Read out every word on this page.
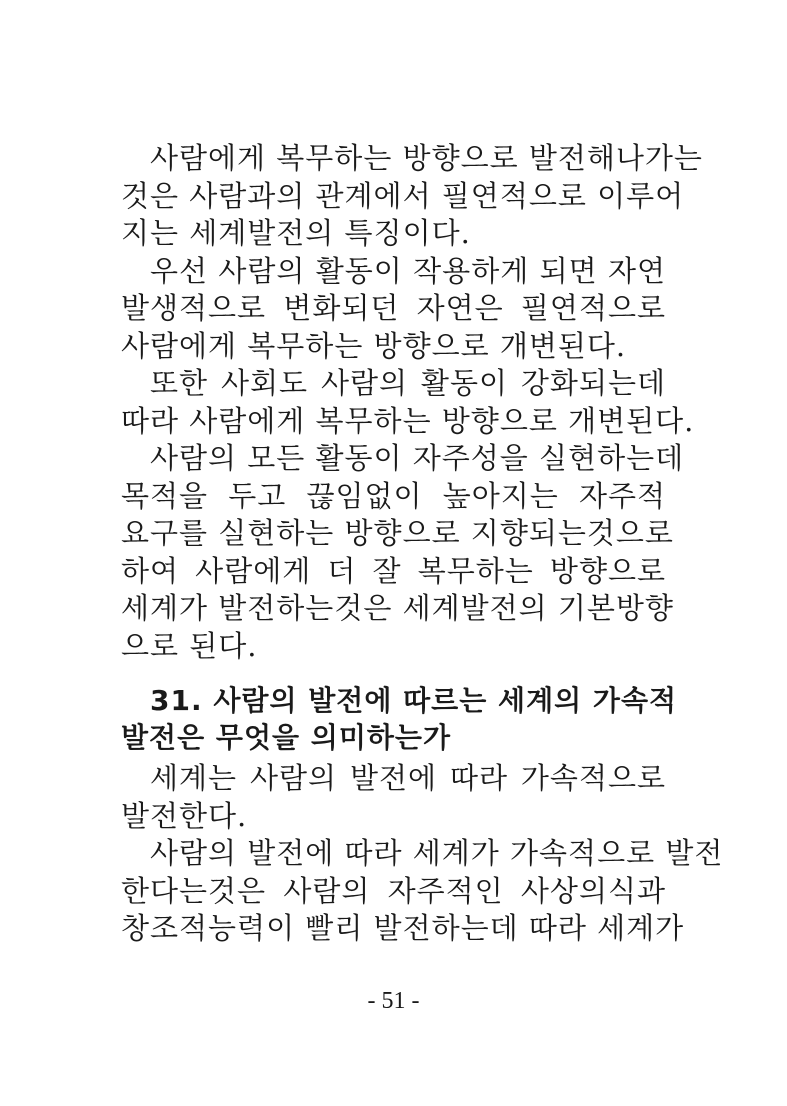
사람에게 복무하는 방향으로 발전해나가는
것은 사람과의 관계에서 필연적으로 이루어
지는 세계발전의 특징이다.
우선 사람의 활동이 작용하게 되면 자연
발생적으로 변화되던 자연은 필연적으로
사람에게 복무하는 방향으로 개변된다.
또한 사회도 사람의 활동이 강화되는데
따라 사람에게 복무하는 방향으로 개변된다.
사람의 모든 활동이 자주성을 실현하는데
목적을 두고 끊임없이 높아지는 자주적
요구를 실현하는 방향으로 지향되는것으로
하여 사람에게 더 잘 복무하는 방향으로
세계가 발전하는것은 세계발전의 기본방향
으로 된다.
31. 사람의 발전에 따르는 세계의 가속적
발전은 무엇을 의미하는가
세계는 사람의 발전에 따라 가속적으로
발전한다.
사람의 발전에 따라 세계가 가속적으로 발전
한다는것은 사람의 자주적인 사상의식과
창조적능력이 빨리 발전하는데 따라 세계가
- 51 -
